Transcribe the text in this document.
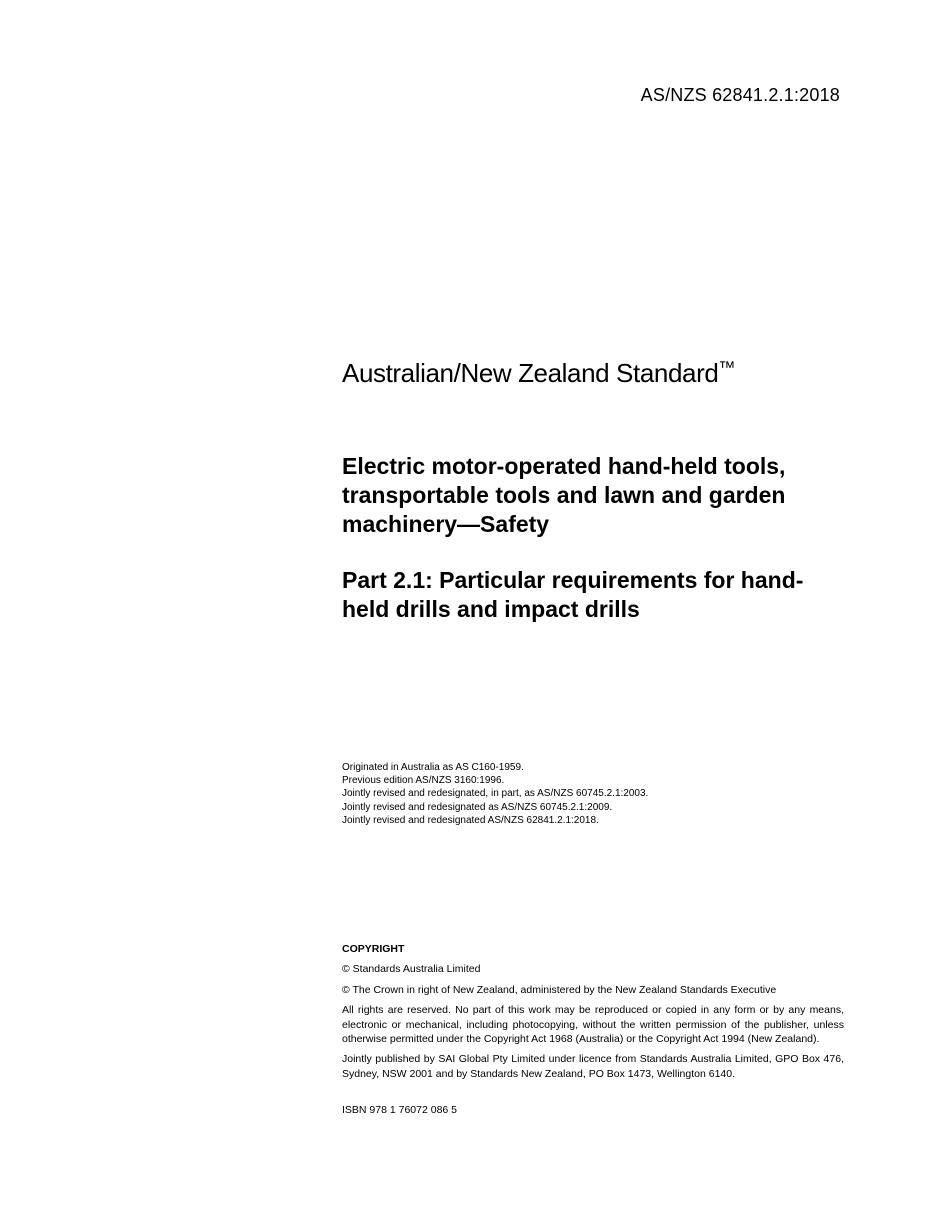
AS/NZS 62841.2.1:2018
Australian/New Zealand Standard™
Electric motor-operated hand-held tools, transportable tools and lawn and garden machinery—Safety
Part 2.1: Particular requirements for hand-held drills and impact drills
Originated in Australia as AS C160-1959.
Previous edition AS/NZS 3160:1996.
Jointly revised and redesignated, in part, as AS/NZS 60745.2.1:2003.
Jointly revised and redesignated as AS/NZS 60745.2.1:2009.
Jointly revised and redesignated AS/NZS 62841.2.1:2018.
COPYRIGHT

© Standards Australia Limited

© The Crown in right of New Zealand, administered by the New Zealand Standards Executive

All rights are reserved. No part of this work may be reproduced or copied in any form or by any means, electronic or mechanical, including photocopying, without the written permission of the publisher, unless otherwise permitted under the Copyright Act 1968 (Australia) or the Copyright Act 1994 (New Zealand).

Jointly published by SAI Global Pty Limited under licence from Standards Australia Limited, GPO Box 476, Sydney, NSW 2001 and by Standards New Zealand, PO Box 1473, Wellington 6140.

ISBN 978 1 76072 086 5
